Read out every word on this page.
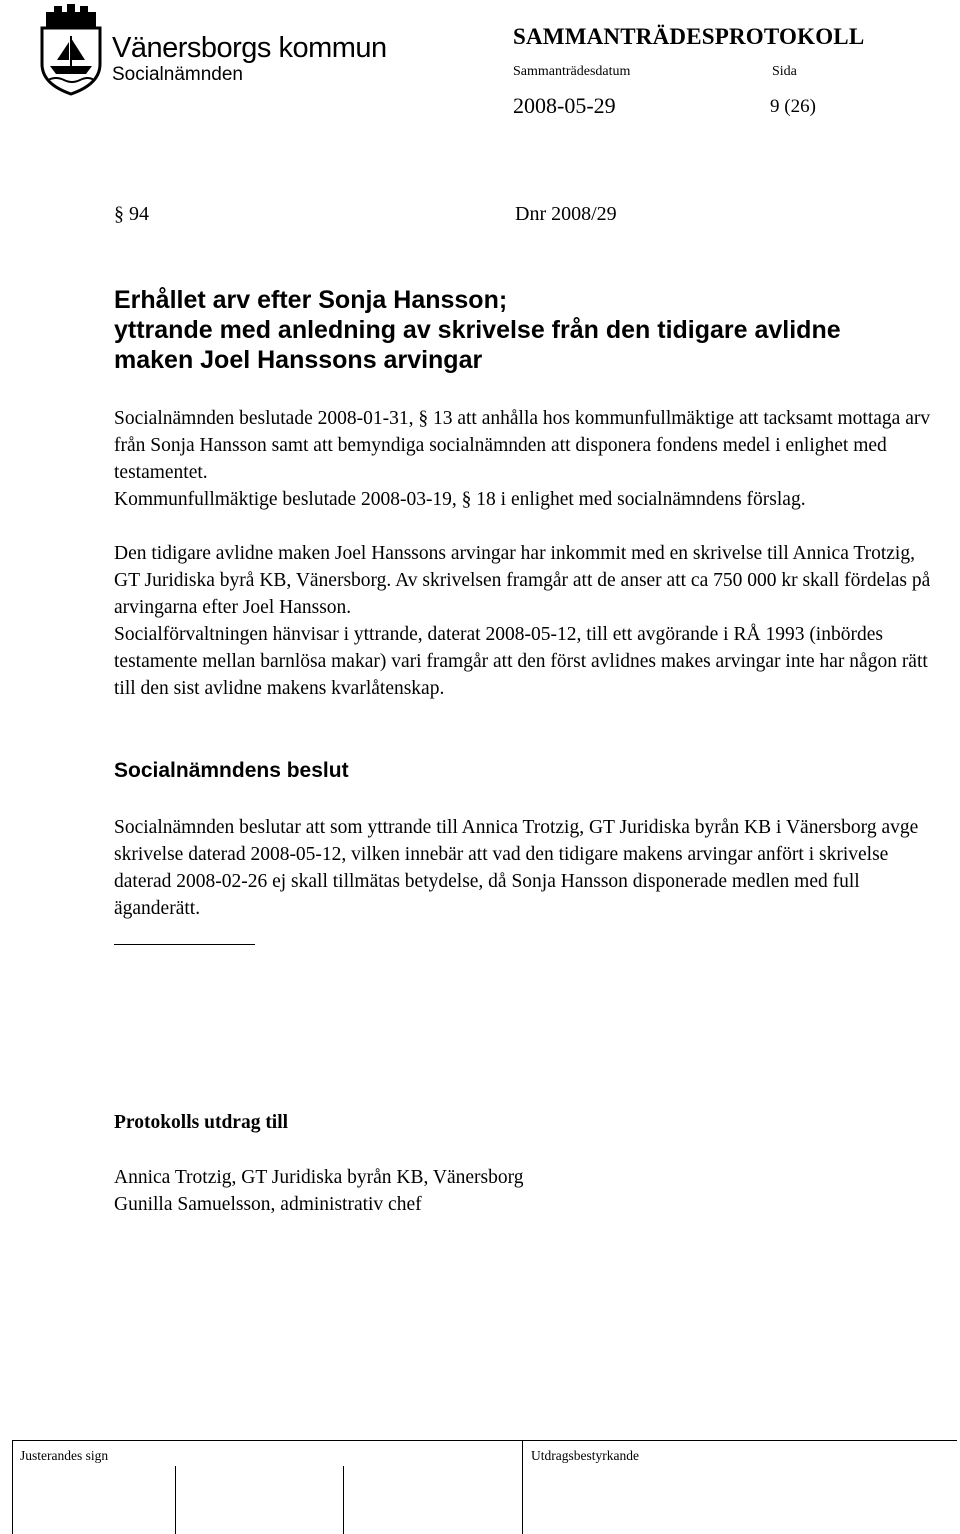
Vänersborgs kommun
Socialnämnden
SAMMANTRÄDESPROTOKOLL
Sammanträdesdatum	Sida
2008-05-29	9 (26)
§ 94	Dnr 2008/29
Erhållet arv efter Sonja Hansson;
yttrande med anledning av skrivelse från den tidigare avlidne
maken Joel Hanssons arvingar
Socialnämnden beslutade 2008-01-31, § 13 att anhålla hos kommunfullmäktige att tacksamt mottaga arv från Sonja Hansson samt att bemyndiga socialnämnden att disponera fondens medel i enlighet med testamentet.
Kommunfullmäktige beslutade 2008-03-19, § 18 i enlighet med socialnämndens förslag.
Den tidigare avlidne maken Joel Hanssons arvingar har inkommit med en skrivelse till Annica Trotzig, GT Juridiska byrå KB, Vänersborg. Av skrivelsen framgår att de anser att ca 750 000 kr skall fördelas på arvingarna efter Joel Hansson.
Socialförvaltningen hänvisar i yttrande, daterat 2008-05-12, till ett avgörande i RÅ 1993 (inbördes testamente mellan barnlösa makar) vari framgår att den först avlidnes makes arvingar inte har någon rätt till den sist avlidne makens kvarlåtenskap.
Socialnämndens beslut
Socialnämnden beslutar att som yttrande till Annica Trotzig, GT Juridiska byrån KB i Vänersborg avge skrivelse daterad 2008-05-12, vilken innebär att vad den tidigare makens arvingar anfört i skrivelse daterad 2008-02-26 ej skall tillmätas betydelse, då Sonja Hansson disponerade medlen med full äganderätt.
Protokolls utdrag till
Annica Trotzig, GT Juridiska byrån KB, Vänersborg
Gunilla Samuelsson, administrativ chef
Justerandes sign	Utdragsbestyrkande
